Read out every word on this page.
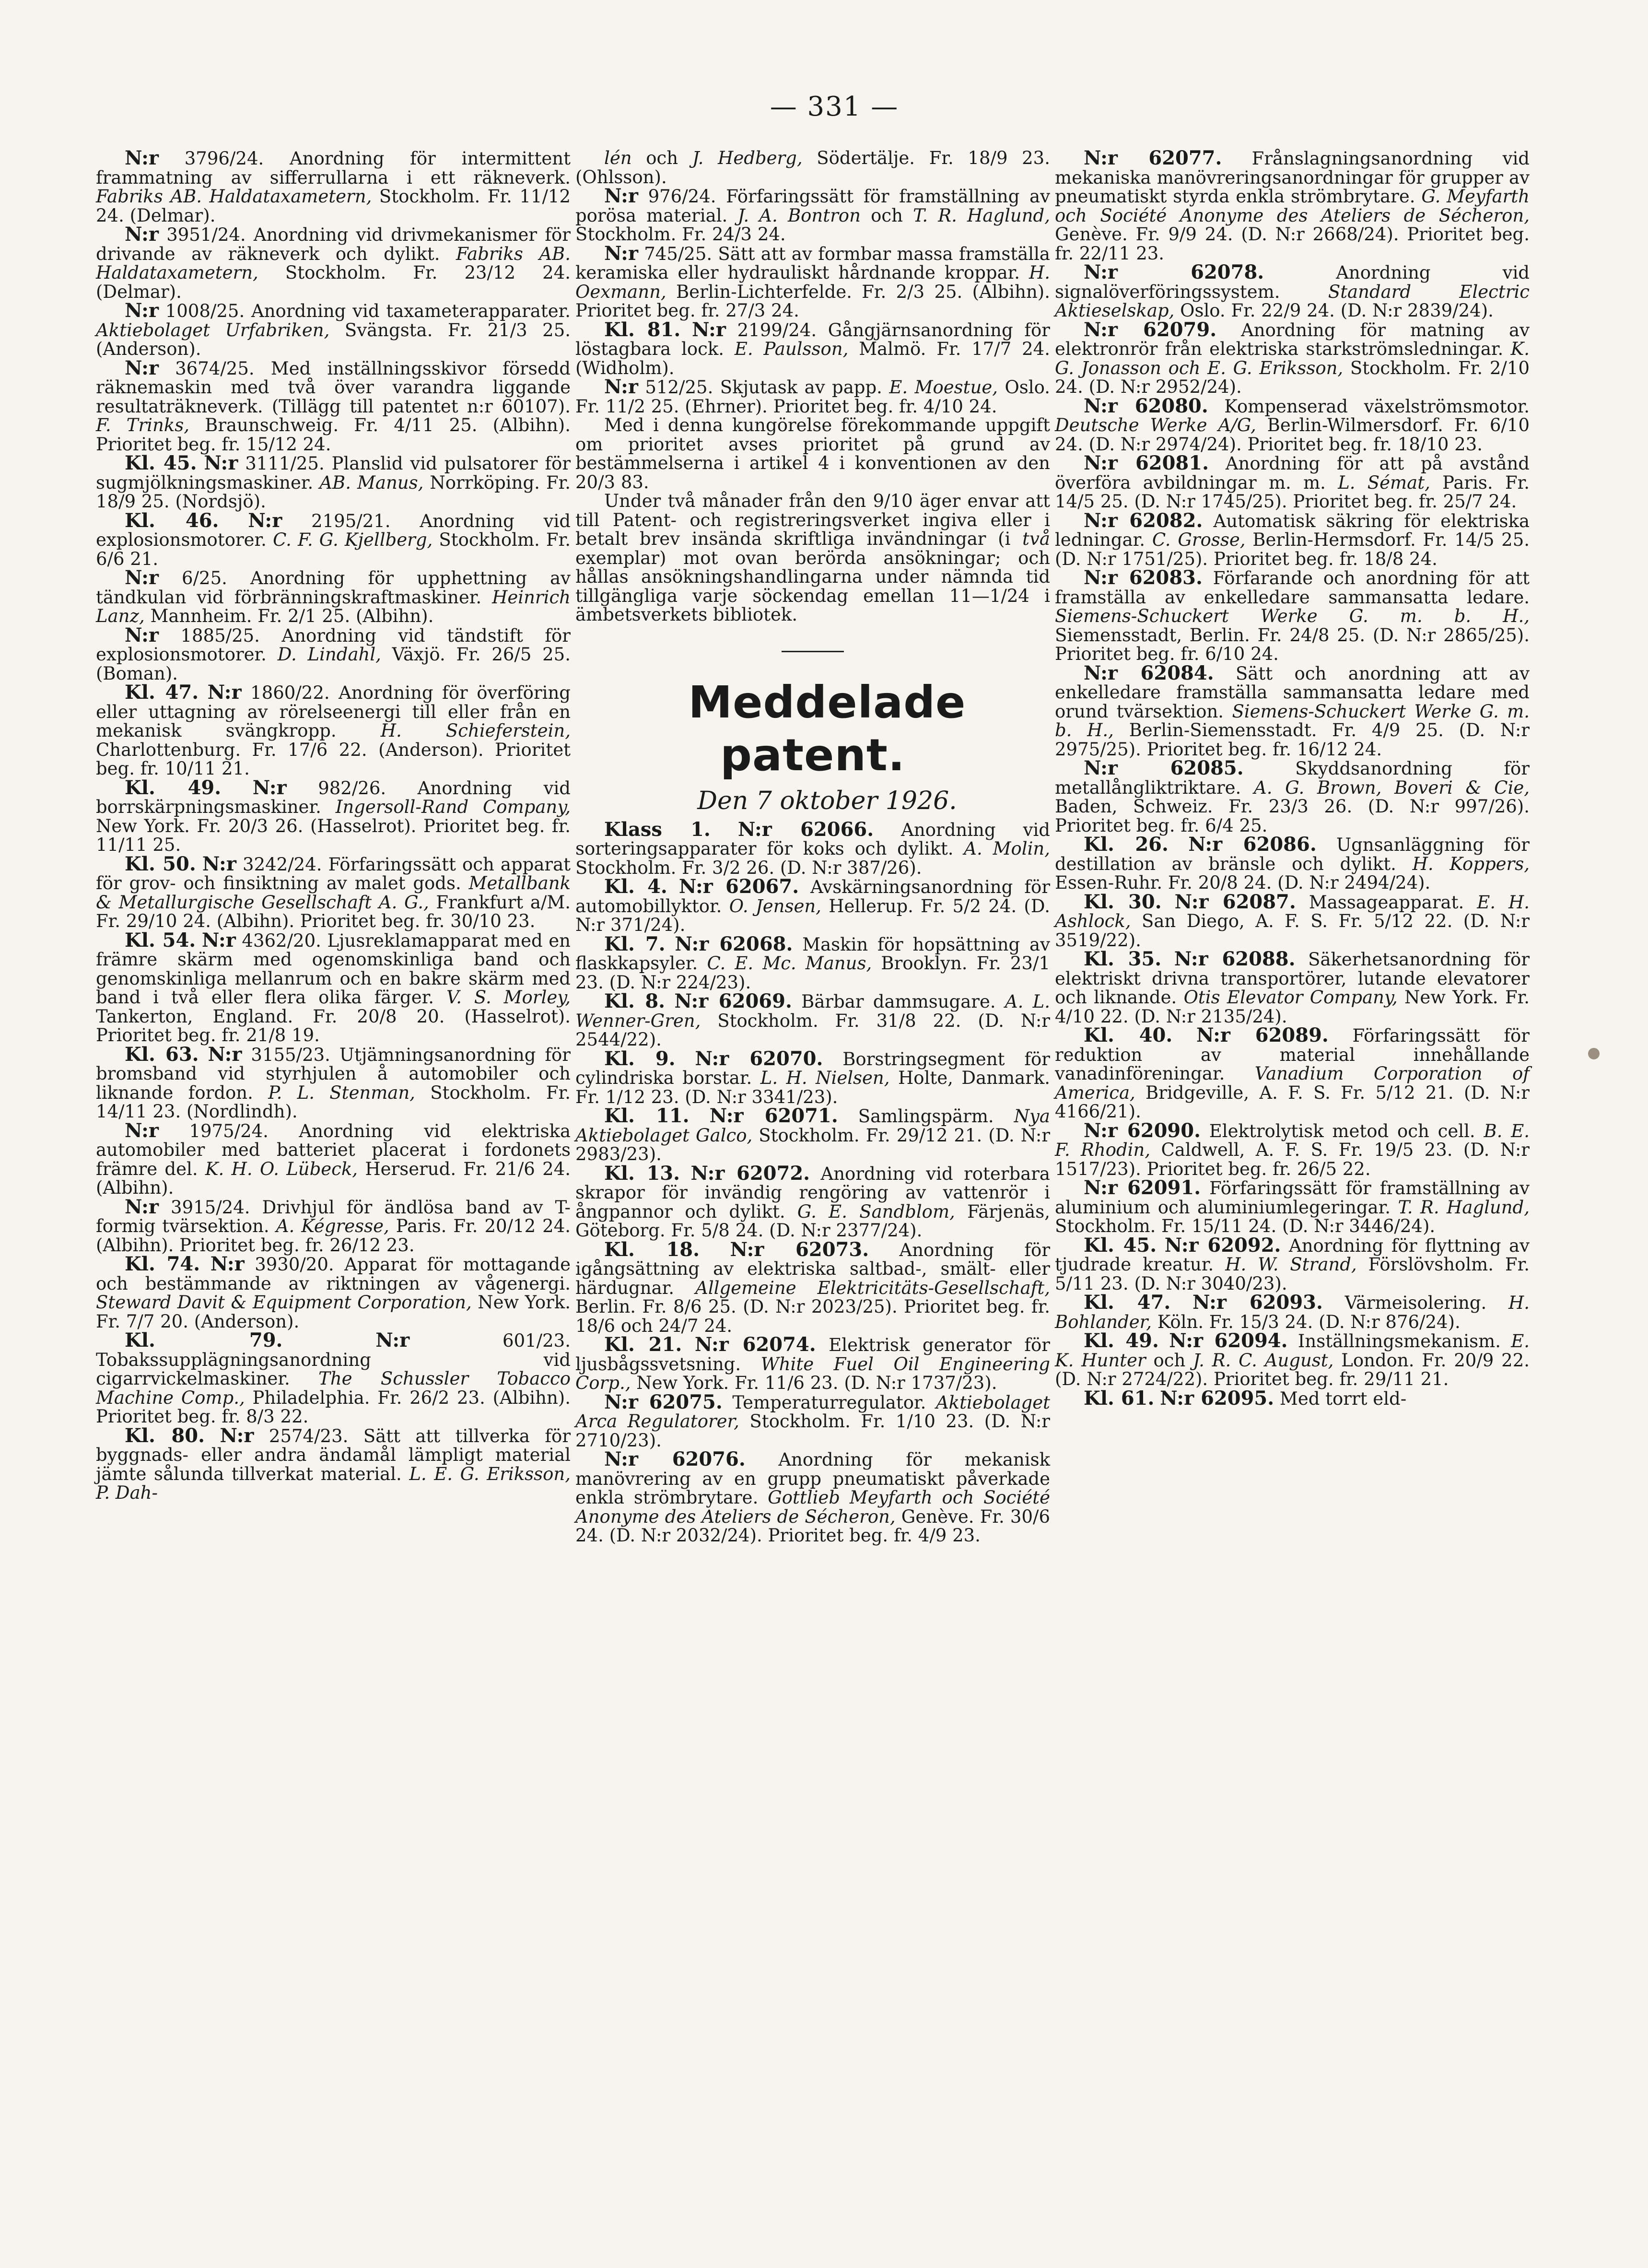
— 331 —

N:r 3796/24. Anordning för intermittent frammatning av sifferrullarna i ett räkneverk. Fabriks AB. Haldataxametern, Stockholm. Fr. 11/12 24. (Delmar).

N:r 3951/24. Anordning vid drivmekanismer för drivande av räkneverk och dylikt. Fabriks AB. Haldataxametern, Stockholm. Fr. 23/12 24. (Delmar).

N:r 1008/25. Anordning vid taxameterapparater. Aktiebolaget Urfabriken, Svängsta. Fr. 21/3 25. (Anderson).

N:r 3674/25. Med inställningsskivor försedd räknemaskin med två över varandra liggande resultaträkneverk. (Tillägg till patentet n:r 60107). F. Trinks, Braunschweig. Fr. 4/11 25. (Albihn). Prioritet beg. fr. 15/12 24.

Kl. 45. N:r 3111/25. Planslid vid pulsatorer för sugmjölkningsmaskiner. AB. Manus, Norrköping. Fr. 18/9 25. (Nordsjö).

Kl. 46. N:r 2195/21. Anordning vid explosionsmotorer. C. F. G. Kjellberg, Stockholm. Fr. 6/6 21.

N:r 6/25. Anordning för upphettning av tändkulan vid förbränningskraftmaskiner. Heinrich Lanz, Mannheim. Fr. 2/1 25. (Albihn).

N:r 1885/25. Anordning vid tändstift för explosionsmotorer. D. Lindahl, Växjö. Fr. 26/5 25. (Boman).

Kl. 47. N:r 1860/22. Anordning för överföring eller uttagning av rörelseenergi till eller från en mekanisk svängkropp. H. Schieferstein, Charlottenburg. Fr. 17/6 22. (Anderson). Prioritet beg. fr. 10/11 21.

Kl. 49. N:r 982/26. Anordning vid borrskärpningsmaskiner. Ingersoll-Rand Company, New York. Fr. 20/3 26. (Hasselrot). Prioritet beg. fr. 11/11 25.

Kl. 50. N:r 3242/24. Förfaringssätt och apparat för grov- och finsiktning av malet gods. Metallbank & Metallurgische Gesellschaft A. G., Frankfurt a/M. Fr. 29/10 24. (Albihn). Prioritet beg. fr. 30/10 23.

Kl. 54. N:r 4362/20. Ljusreklamapparat med en främre skärm med ogenomskinliga band och genomskinliga mellanrum och en bakre skärm med band i två eller flera olika färger. V. S. Morley, Tankerton, England. Fr. 20/8 20. (Hasselrot). Prioritet beg. fr. 21/8 19.

Kl. 63. N:r 3155/23. Utjämningsanordning för bromsband vid styrhjulen å automobiler och liknande fordon. P. L. Stenman, Stockholm. Fr. 14/11 23. (Nordlindh).

N:r 1975/24. Anordning vid elektriska automobiler med batteriet placerat i fordonets främre del. K. H. O. Lübeck, Herserud. Fr. 21/6 24. (Albihn).

N:r 3915/24. Drivhjul för ändlösa band av T-formig tvärsektion. A. Kégresse, Paris. Fr. 20/12 24. (Albihn). Prioritet beg. fr. 26/12 23.

Kl. 74. N:r 3930/20. Apparat för mottagande och bestämmande av riktningen av vågenergi. Steward Davit & Equipment Corporation, New York. Fr. 7/7 20. (Anderson).

Kl. 79.	N:r 601/23. Tobakssupplägningsanordning vid cigarrvickelmaskiner. The Schussler Tobacco Machine Comp., Philadelphia. Fr. 26/2 23. (Albihn). Prioritet beg. fr. 8/3 22.

Kl. 80. N:r 2574/23. Sätt att tillverka för byggnads- eller andra ändamål lämpligt material jämte sålunda tillverkat material. L. E. G. Eriksson, P. Dah-

lén och J. Hedberg, Södertälje. Fr. 18/9 23. (Ohlsson).

N:r 976/24. Förfaringssätt för framställning av porösa material. J. A. Bontron och T. R. Haglund, Stockholm. Fr. 24/3 24.

N:r 745/25. Sätt att av formbar massa framställa keramiska eller hydrauliskt hårdnande kroppar. H. Oexmann, Berlin-Lichterfelde. Fr. 2/3 25. (Albihn). Prioritet beg. fr. 27/3 24.

Kl. 81. N:r 2199/24. Gångjärnsanordning för löstagbara lock. E. Paulsson, Malmö. Fr. 17/7 24. (Widholm).

N:r 512/25. Skjutask av papp. E. Moestue, Oslo. Fr. 11/2 25. (Ehrner). Prioritet beg. fr. 4/10 24.

Med i denna kungörelse förekommande uppgift om prioritet avses prioritet på grund av bestämmelserna i artikel 4 i konventionen av den 20/3 83.

Under två månader från den 9/10 äger envar att till Patent- och registreringsverket ingiva eller i betalt brev insända skriftliga invändningar (i två exemplar) mot ovan berörda ansökningar; och hållas ansökningshandlingarna under nämnda tid tillgängliga varje söckendag emellan 11—1/24 i ämbetsverkets bibliotek.

Meddelade patent.

Den 7 oktober 1926.

Klass 1. N:r 62066. Anordning vid sorteringsapparater för koks och dylikt. A. Molin, Stockholm. Fr. 3/2 26. (D. N:r 387/26).

Kl. 4. N:r 62067. Avskärningsanordning för automobillyktor. O. Jensen, Hellerup. Fr. 5/2 24. (D. N:r 371/24).

Kl. 7. N:r 62068. Maskin för hopsättning av flaskkapsyler. C. E. Mc. Manus, Brooklyn. Fr. 23/1 23. (D. N:r 224/23).

Kl. 8. N:r 62069. Bärbar dammsugare. A. L. Wenner-Gren, Stockholm. Fr. 31/8 22. (D. N:r 2544/22).

Kl. 9. N:r 62070. Borstringsegment för cylindriska borstar. L. H. Nielsen, Holte, Danmark. Fr. 1/12 23. (D. N:r 3341/23).

Kl. 11. N:r 62071. Samlingspärm. Nya Aktiebolaget Galco, Stockholm. Fr. 29/12 21. (D. N:r 2983/23).

Kl. 13. N:r 62072. Anordning vid roterbara skrapor för invändig rengöring av vattenrör i ångpannor och dylikt. G. E. Sandblom, Färjenäs, Göteborg. Fr. 5/8 24. (D. N:r 2377/24).

Kl. 18. N:r 62073. Anordning för igångsättning av elektriska saltbad-, smält- eller härdugnar. Allgemeine Elektricitäts-Gesellschaft, Berlin. Fr. 8/6 25. (D. N:r 2023/25). Prioritet beg. fr. 18/6 och 24/7 24.

Kl. 21. N:r 62074. Elektrisk generator för ljusbågssvetsning. White Fuel Oil Engineering Corp., New York. Fr. 11/6 23. (D. N:r 1737/23).

N:r 62075. Temperaturregulator. Aktiebolaget Arca Regulatorer, Stockholm. Fr. 1/10 23. (D. N:r 2710/23).

N:r 62076. Anordning för mekanisk manövrering av en grupp pneumatiskt påverkade enkla strömbrytare. Gottlieb Meyfarth och Société Anonyme des Ateliers de Sécheron, Genève. Fr. 30/6 24. (D. N:r 2032/24). Prioritet beg. fr. 4/9 23.

N:r 62077. Frånslagningsanordning vid mekaniska manövreringsanordningar för grupper av pneumatiskt styrda enkla strömbrytare. G. Meyfarth och Société Anonyme des Ateliers de Sécheron, Genève. Fr. 9/9 24. (D. N:r 2668/24). Prioritet beg. fr. 22/11 23.

N:r 62078. Anordning vid signalöverföringssystem. Standard Electric Aktieselskap, Oslo. Fr. 22/9 24. (D. N:r 2839/24).

N:r 62079. Anordning för matning av elektronrör från elektriska starkströmsledningar. K. G. Jonasson och E. G. Eriksson, Stockholm. Fr. 2/10 24. (D. N:r 2952/24).

N:r 62080. Kompenserad växelströmsmotor. Deutsche Werke A/G, Berlin-Wilmersdorf. Fr. 6/10 24. (D. N:r 2974/24). Prioritet beg. fr. 18/10 23.

N:r 62081. Anordning för att på avstånd överföra avbildningar m. m. L. Sémat, Paris. Fr. 14/5 25. (D. N:r 1745/25). Prioritet beg. fr. 25/7 24.

N:r 62082. Automatisk säkring för elektriska ledningar. C. Grosse, Berlin-Hermsdorf. Fr. 14/5 25. (D. N:r 1751/25). Prioritet beg. fr. 18/8 24.

N:r 62083. Förfarande och anordning för att framställa av enkelledare sammansatta ledare. Siemens-Schuckert Werke G. m. b. H., Siemensstadt, Berlin. Fr. 24/8 25. (D. N:r 2865/25). Prioritet beg. fr. 6/10 24.

N:r 62084. Sätt och anordning att av enkelledare framställa sammansatta ledare med orund tvärsektion. Siemens-Schuckert Werke G. m. b. H., Berlin-Siemensstadt. Fr. 4/9 25. (D. N:r 2975/25). Prioritet beg. fr. 16/12 24.

N:r 62085. Skyddsanordning för metallångliktriktare. A. G. Brown, Boveri & Cie, Baden, Schweiz. Fr. 23/3 26. (D. N:r 997/26). Prioritet beg. fr. 6/4 25.

Kl. 26. N:r 62086. Ugnsanläggning för destillation av bränsle och dylikt. H. Koppers, Essen-Ruhr. Fr. 20/8 24. (D. N:r 2494/24).

Kl. 30. N:r 62087. Massageapparat. E. H. Ashlock, San Diego, A. F. S. Fr. 5/12 22. (D. N:r 3519/22).

Kl. 35. N:r 62088. Säkerhetsanordning för elektriskt drivna transportörer, lutande elevatorer och liknande. Otis Elevator Company, New York. Fr. 4/10 22. (D. N:r 2135/24).

Kl. 40. N:r 62089. Förfaringssätt för reduktion av material innehållande vanadinföreningar. Vanadium Corporation of America, Bridgeville, A. F. S. Fr. 5/12 21. (D. N:r 4166/21).

N:r 62090. Elektrolytisk metod och cell. B. E. F. Rhodin, Caldwell, A. F. S. Fr. 19/5 23. (D. N:r 1517/23). Prioritet beg. fr. 26/5 22.

N:r 62091. Förfaringssätt för framställning av aluminium och aluminiumlegeringar. T. R. Haglund, Stockholm. Fr. 15/11 24. (D. N:r 3446/24).

Kl. 45. N:r 62092. Anordning för flyttning av tjudrade kreatur. H. W. Strand, Förslövsholm. Fr. 5/11 23. (D. N:r 3040/23).

Kl. 47. N:r 62093. Värmeisolering. H. Bohlander, Köln. Fr. 15/3 24. (D. N:r 876/24).

Kl. 49. N:r 62094. Inställningsmekanism. E. K. Hunter och J. R. C. August, London. Fr. 20/9 22. (D. N:r 2724/22). Prioritet beg. fr. 29/11 21.

Kl. 61. N:r 62095. Med torrt eld-
